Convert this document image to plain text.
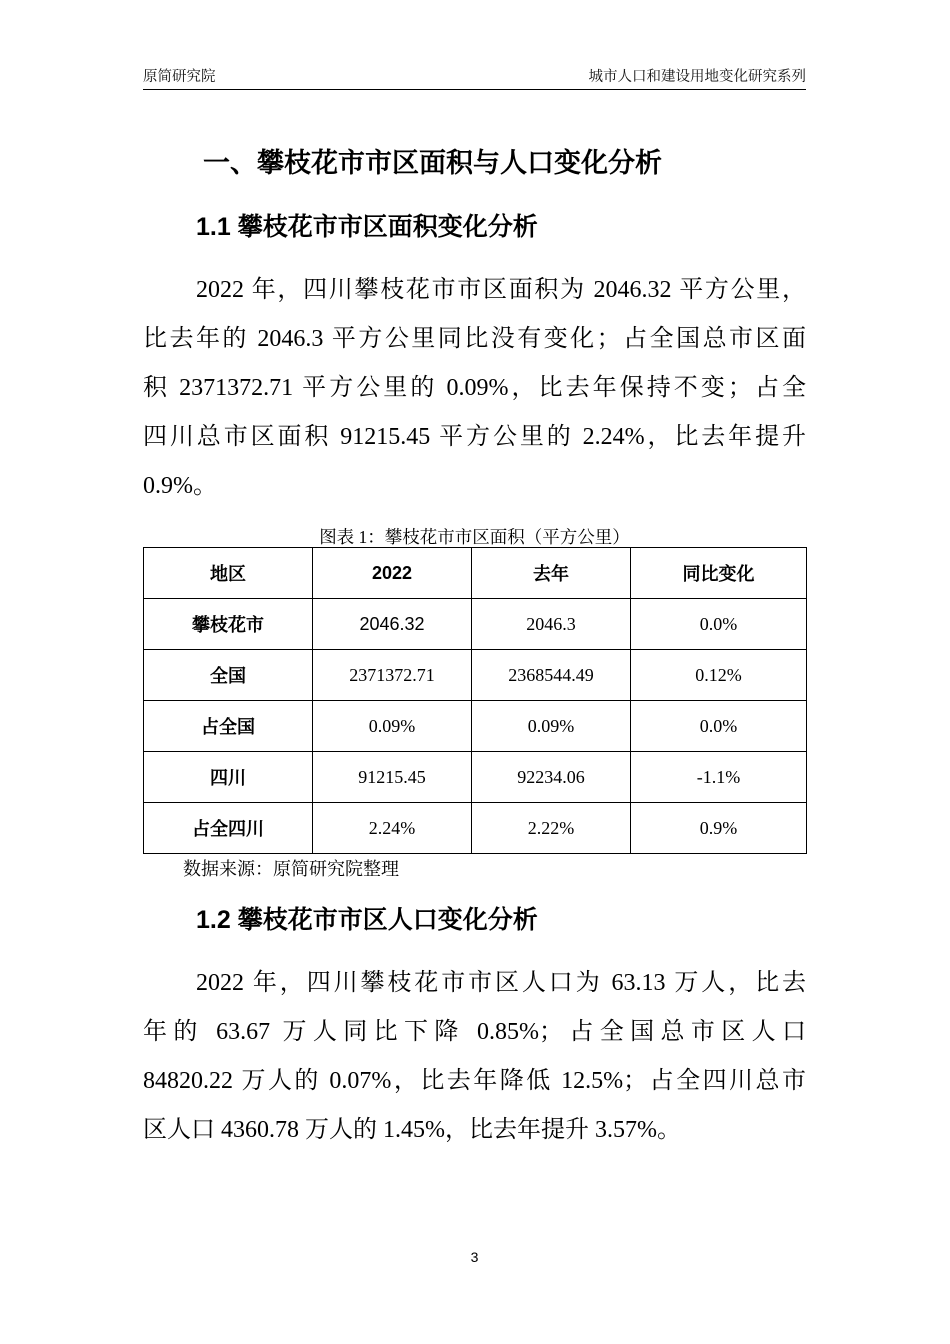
原简研究院	城市人口和建设用地变化研究系列
一、攀枝花市市区面积与人口变化分析
1.1 攀枝花市市区面积变化分析
2022 年，四川攀枝花市市区面积为 2046.32 平方公里，
比去年的 2046.3 平方公里同比没有变化；占全国总市区面
积 2371372.71 平方公里的 0.09%，比去年保持不变；占全
四川总市区面积 91215.45 平方公里的 2.24%，比去年提升
0.9%。
图表 1：攀枝花市市区面积（平方公里）
地区	2022	去年	同比变化
攀枝花市	2046.32	2046.3	0.0%
全国	2371372.71	2368544.49	0.12%
占全国	0.09%	0.09%	0.0%
四川	91215.45	92234.06	-1.1%
占全四川	2.24%	2.22%	0.9%
数据来源：原简研究院整理
1.2 攀枝花市市区人口变化分析
2022 年，四川攀枝花市市区人口为 63.13 万人，比去
年的 63.67 万人同比下降 0.85%；占全国总市区人口
84820.22 万人的 0.07%，比去年降低 12.5%；占全四川总市
区人口 4360.78 万人的 1.45%，比去年提升 3.57%。
3
